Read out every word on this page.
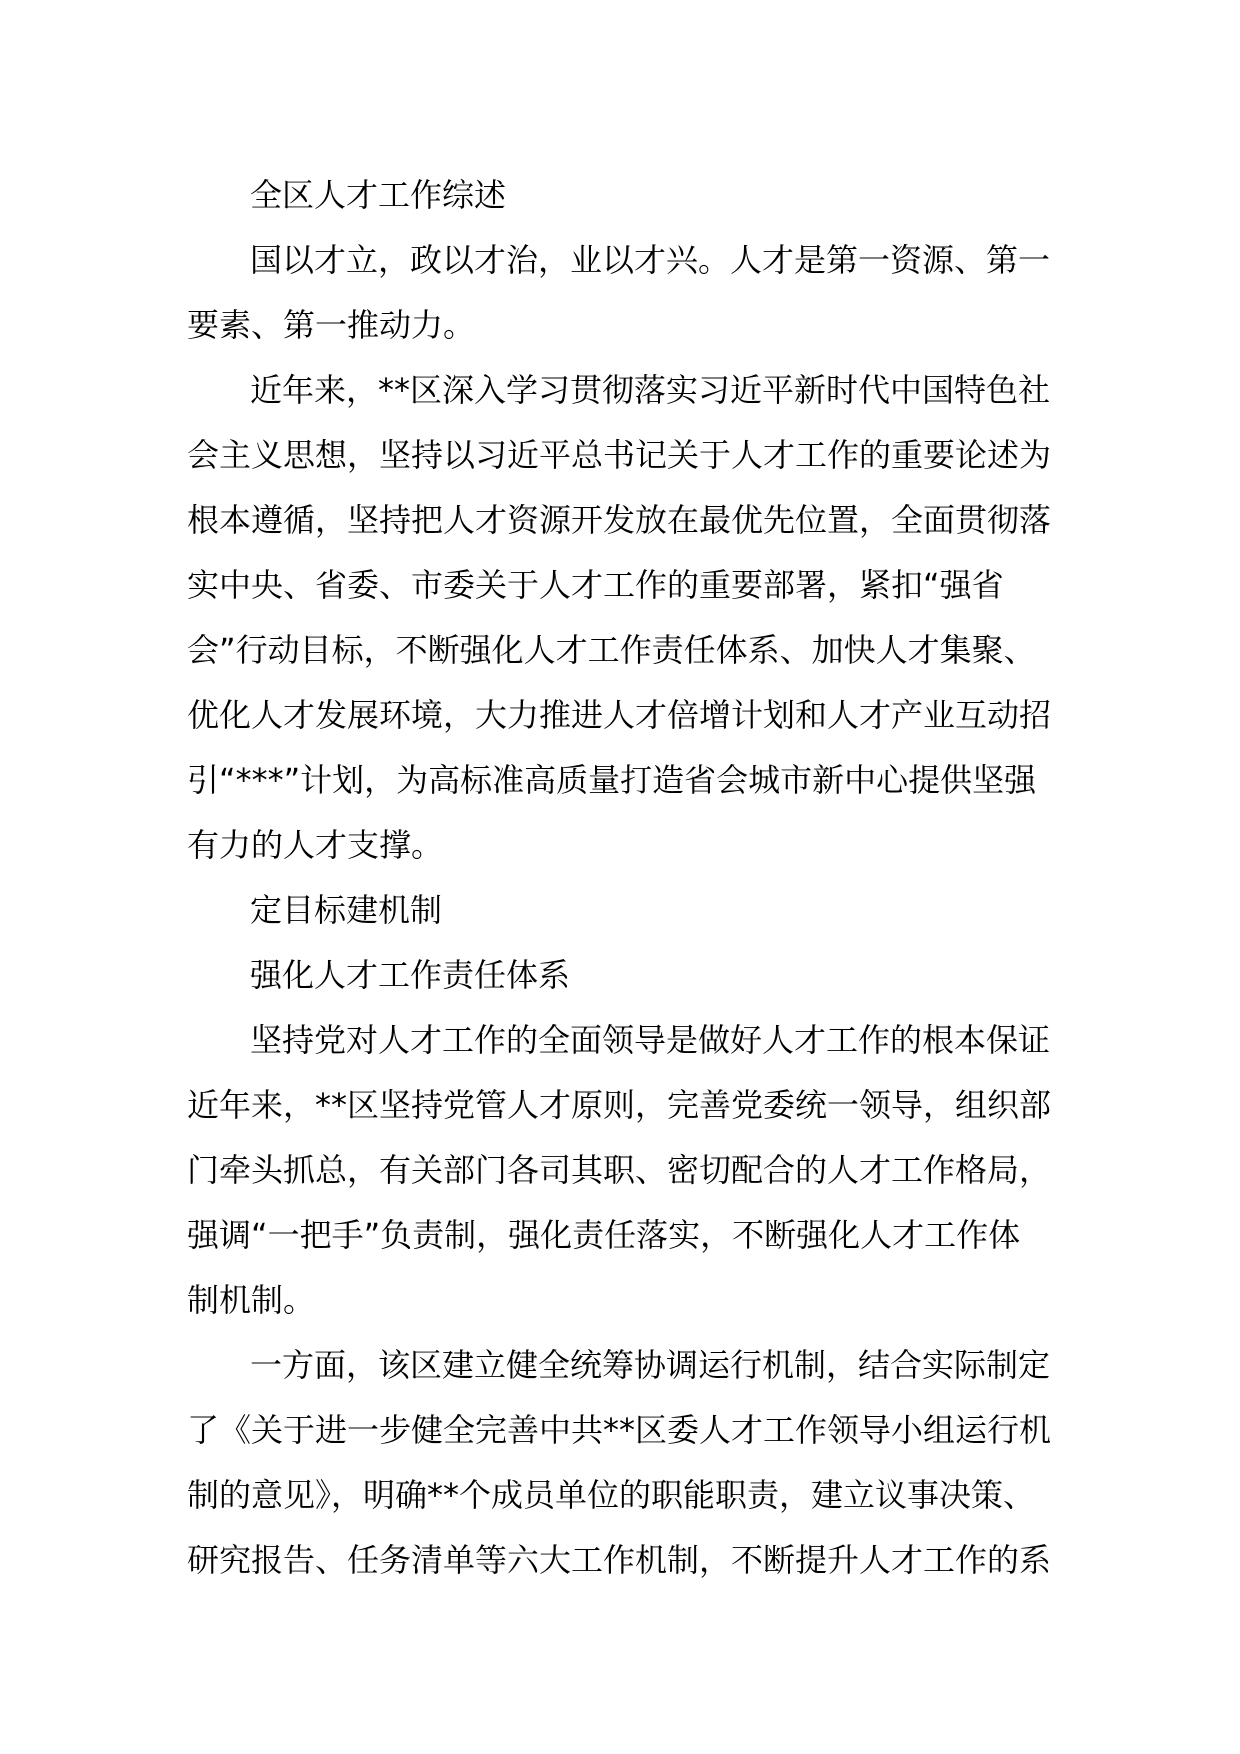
全区人才工作综述
国以才立，政以才治，业以才兴。人才是第一资源、第一
要素、第一推动力。
近年来，**区深入学习贯彻落实习近平新时代中国特色社
会主义思想，坚持以习近平总书记关于人才工作的重要论述为
根本遵循，坚持把人才资源开发放在最优先位置，全面贯彻落
实中央、省委、市委关于人才工作的重要部署，紧扣“强省
会”行动目标，不断强化人才工作责任体系、加快人才集聚、
优化人才发展环境，大力推进人才倍增计划和人才产业互动招
引“***”计划，为高标准高质量打造省会城市新中心提供坚强
有力的人才支撑。
定目标建机制
强化人才工作责任体系
坚持党对人才工作的全面领导是做好人才工作的根本保证
近年来，**区坚持党管人才原则，完善党委统一领导，组织部
门牵头抓总，有关部门各司其职、密切配合的人才工作格局，
强调“一把手”负责制，强化责任落实，不断强化人才工作体
制机制。
一方面，该区建立健全统筹协调运行机制，结合实际制定
了《关于进一步健全完善中共**区委人才工作领导小组运行机
制的意见》，明确**个成员单位的职能职责，建立议事决策、
研究报告、任务清单等六大工作机制，不断提升人才工作的系
